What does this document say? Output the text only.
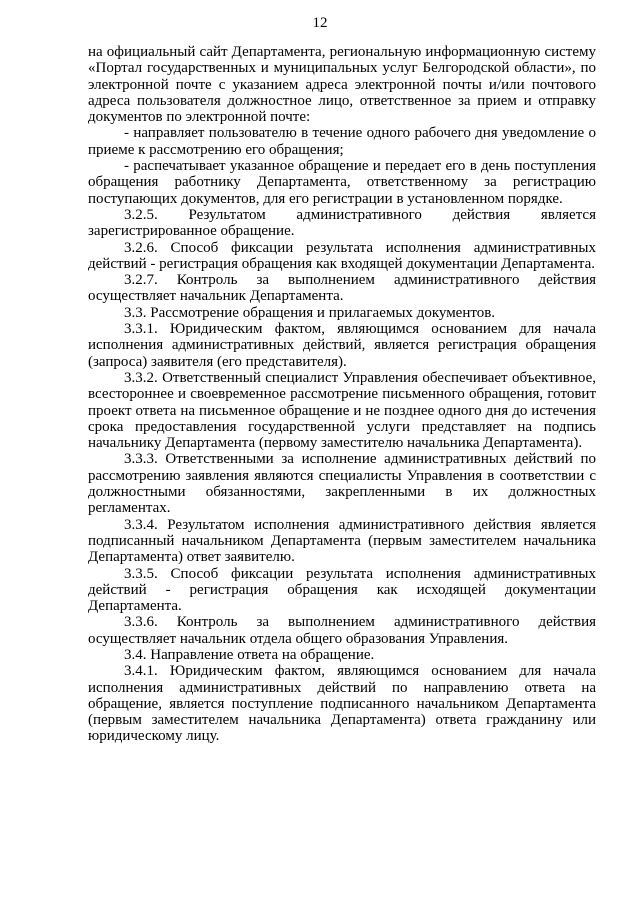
12

на официальный сайт Департамента, региональную информационную систему «Портал государственных и муниципальных услуг Белгородской области», по электронной почте с указанием адреса электронной почты и/или почтового адреса пользователя должностное лицо, ответственное за прием и отправку документов по электронной почте:

- направляет пользователю в течение одного рабочего дня уведомление о приеме к рассмотрению его обращения;

- распечатывает указанное обращение и передает его в день поступления обращения работнику Департамента, ответственному за регистрацию поступающих документов, для его регистрации в установленном порядке.

3.2.5. Результатом административного действия является зарегистрированное обращение.

3.2.6. Способ фиксации результата исполнения административных действий - регистрация обращения как входящей документации Департамента.

3.2.7. Контроль за выполнением административного действия осуществляет начальник Департамента.

3.3. Рассмотрение обращения и прилагаемых документов.

3.3.1. Юридическим фактом, являющимся основанием для начала исполнения административных действий, является регистрация обращения (запроса) заявителя (его представителя).

3.3.2. Ответственный специалист Управления обеспечивает объективное, всестороннее и своевременное рассмотрение письменного обращения, готовит проект ответа на письменное обращение и не позднее одного дня до истечения срока предоставления государственной услуги представляет на подпись начальнику Департамента (первому заместителю начальника Департамента).

3.3.3. Ответственными за исполнение административных действий по рассмотрению заявления являются специалисты Управления в соответствии с должностными обязанностями, закрепленными в их должностных регламентах.

3.3.4. Результатом исполнения административного действия является подписанный начальником Департамента (первым заместителем начальника Департамента) ответ заявителю.

3.3.5. Способ фиксации результата исполнения административных действий - регистрация обращения как исходящей документации Департамента.

3.3.6. Контроль за выполнением административного действия осуществляет начальник отдела общего образования Управления.

3.4. Направление ответа на обращение.

3.4.1. Юридическим фактом, являющимся основанием для начала исполнения административных действий по направлению ответа на обращение, является поступление подписанного начальником Департамента (первым заместителем начальника Департамента) ответа гражданину или юридическому лицу.
